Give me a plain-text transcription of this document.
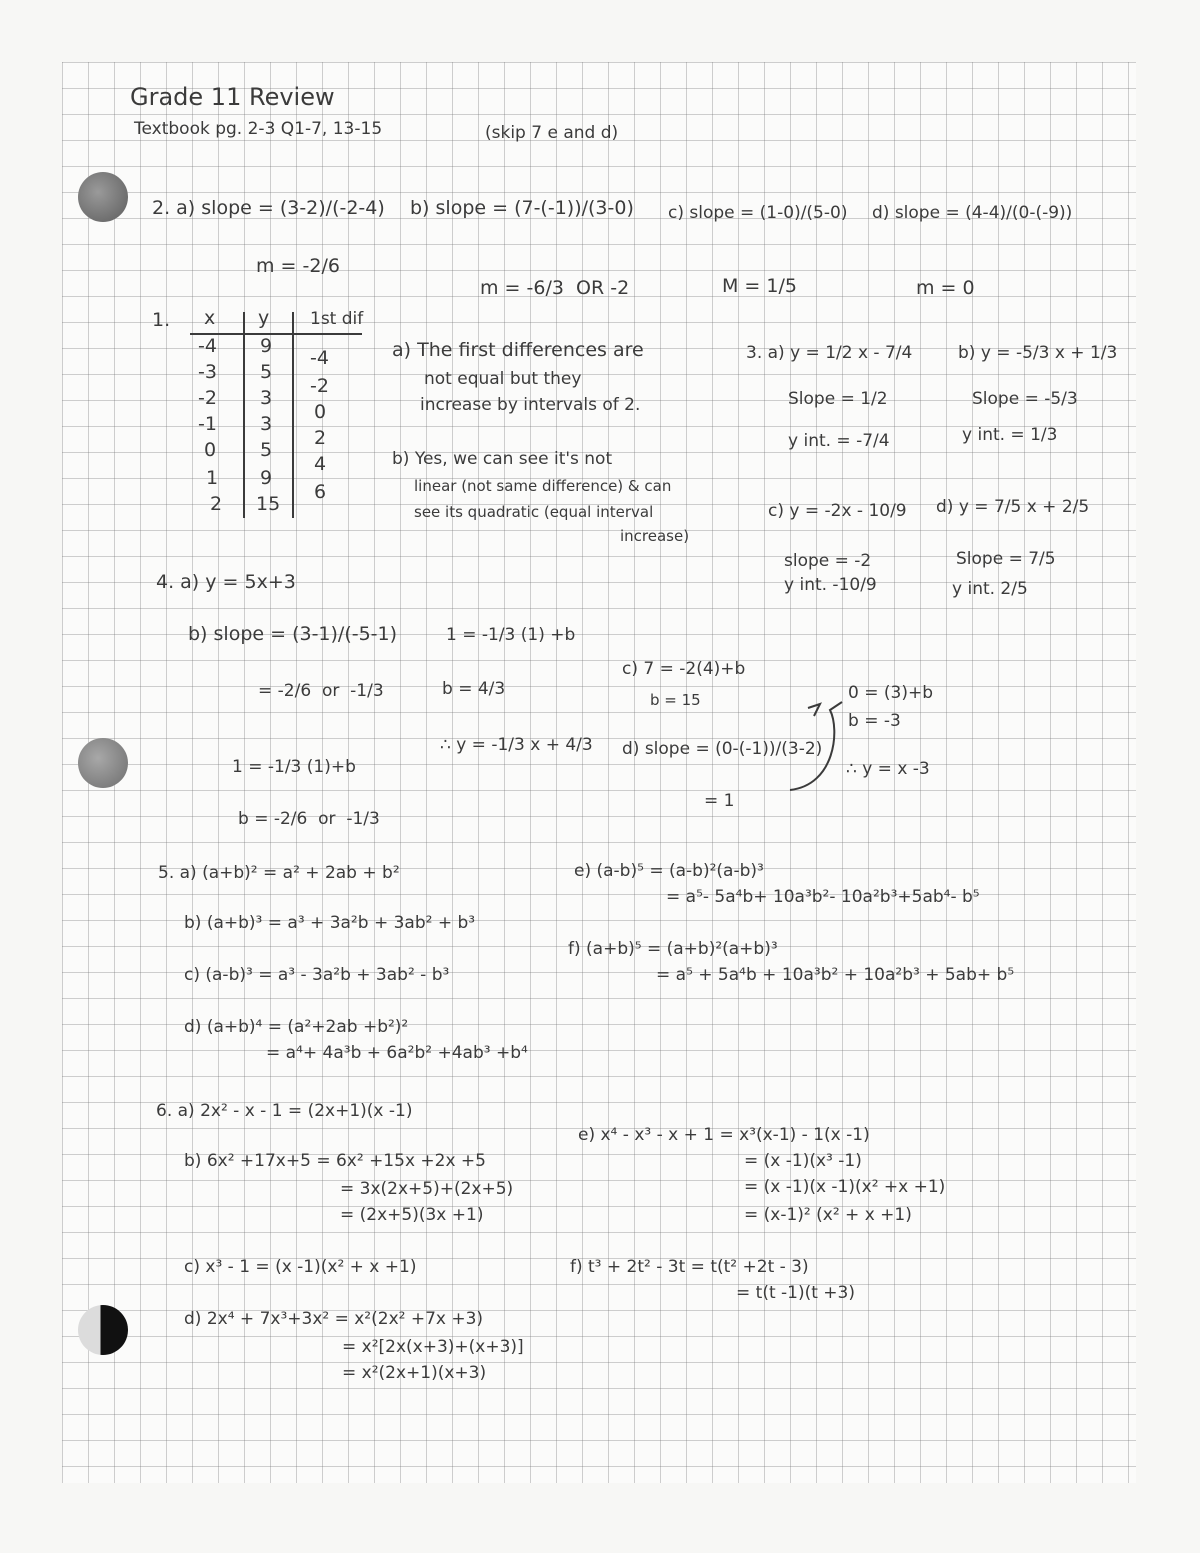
Grade 11 Review
Textbook pg. 2-3 Q1-7, 13-15	(skip 7 e and d)
2. a) slope = (3-2)/(-2-4)
m = -2/6
b) slope = (7-(-1))/(3-0)
m = -6/3  OR -2
c) slope = (1-0)/(5-0)
M = 1/5
d) slope = (4-4)/(0-(-9))
m = 0
1. x y 1st dif
-4
-3
-2
-1
0
1
2
9
5
3
3
5
9
15
-4
-2
0
2
4
6
a) The first differences are
not equal but they
increase by intervals of 2.
b) Yes, we can see it's not
linear (not same difference) & can
see its quadratic (equal interval
increase)
3. a) y = 1/2 x - 7/4
Slope = 1/2
y int. = -7/4
b) y = -5/3 x + 1/3
Slope = -5/3
y int. = 1/3
c) y = -2x - 10/9
slope = -2
y int. -10/9
d) y = 7/5 x + 2/5
Slope = 7/5
y int. 2/5
4. a) y = 5x+3
b) slope = (3-1)/(-5-1)
= -2/6  or  -1/3
1 = -1/3 (1)+b
b = -2/6  or  -1/3
1 = -1/3 (1) +b
b = 4/3
∴ y = -1/3 x + 4/3
c) 7 = -2(4)+b
b = 15
d) slope = (0-(-1))/(3-2)
= 1
0 = (3)+b
b = -3
∴ y = x -3
5. a) (a+b)² = a² + 2ab + b²
b) (a+b)³ = a³ + 3a²b + 3ab² + b³
c) (a-b)³ = a³ - 3a²b + 3ab² - b³
d) (a+b)⁴ = (a²+2ab +b²)²
= a⁴+ 4a³b + 6a²b² +4ab³ +b⁴
e) (a-b)⁵ = (a-b)²(a-b)³
= a⁵- 5a⁴b+ 10a³b²- 10a²b³+5ab⁴- b⁵
f) (a+b)⁵ = (a+b)²(a+b)³
= a⁵ + 5a⁴b + 10a³b² + 10a²b³ + 5ab+ b⁵
6. a) 2x² - x - 1 = (2x+1)(x -1)
b) 6x² +17x+5 = 6x² +15x +2x +5
= 3x(2x+5)+(2x+5)
= (2x+5)(3x +1)
c) x³ - 1 = (x -1)(x² + x +1)
d) 2x⁴ + 7x³+3x² = x²(2x² +7x +3)
= x²[2x(x+3)+(x+3)]
= x²(2x+1)(x+3)
e) x⁴ - x³ - x + 1 = x³(x-1) - 1(x -1)
= (x -1)(x³ -1)
= (x -1)(x -1)(x² +x +1)
= (x-1)² (x² + x +1)
f) t³ + 2t² - 3t = t(t² +2t - 3)
= t(t -1)(t +3)
